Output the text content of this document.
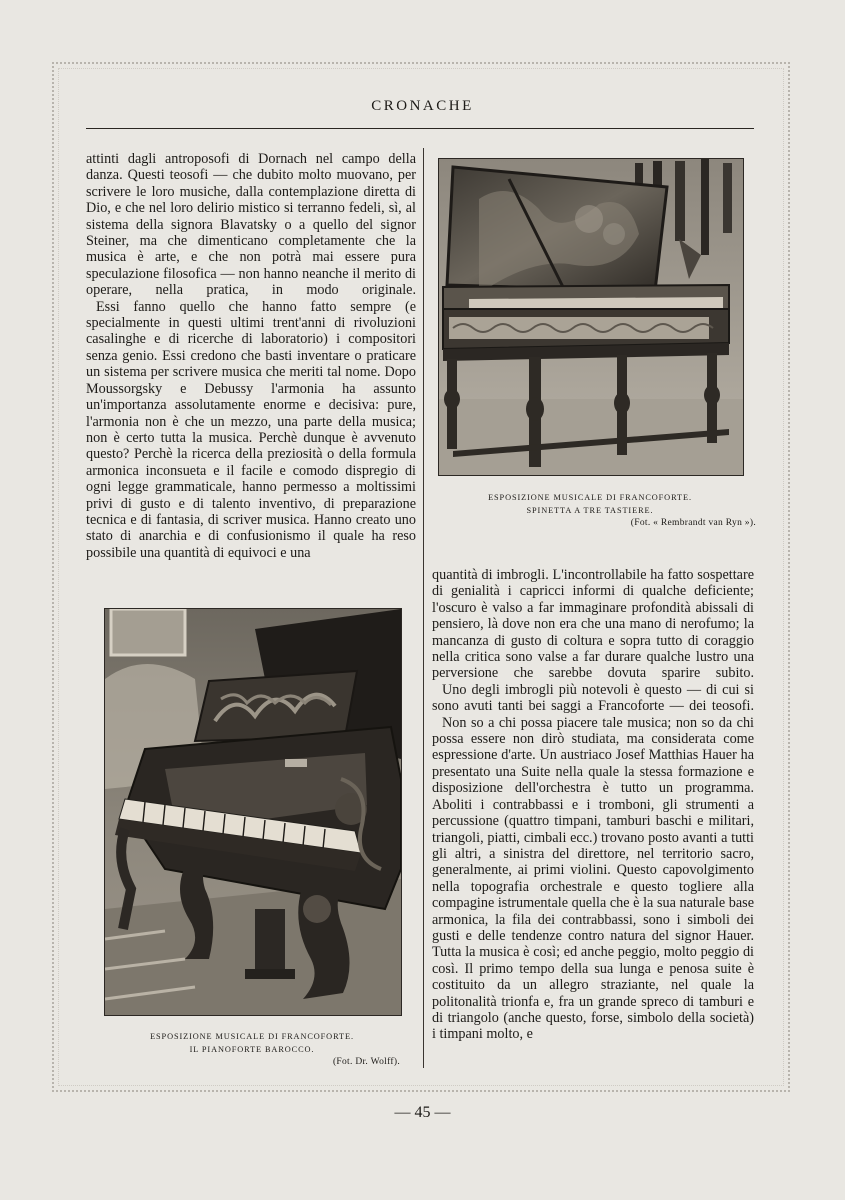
CRONACHE

attinti dagli antroposofi di Dornach nel campo della danza. Questi teosofi — che dubito molto muovano, per scrivere le loro musiche, dalla contemplazione diretta di Dio, e che nel loro delirio mistico si terranno fedeli, sì, al sistema della signora Blavatsky o a quello del signor Steiner, ma che dimenticano completamente che la musica è arte, e che non potrà mai essere pura speculazione filosofica — non hanno neanche il merito di operare, nella pratica, in modo originale.

Essi fanno quello che hanno fatto sempre (e specialmente in questi ultimi trent'anni di rivoluzioni casalinghe e di ricerche di laboratorio) i compositori senza genio. Essi credono che basti inventare o praticare un sistema per scrivere musica che meriti tal nome. Dopo Moussorgsky e Debussy l'armonia ha assunto un'importanza assolutamente enorme e decisiva: pure, l'armonia non è che un mezzo, una parte della musica; non è certo tutta la musica. Perchè dunque è avvenuto questo? Perchè la ricerca della preziosità o della formula armonica inconsueta e il facile e comodo dispregio di ogni legge grammaticale, hanno permesso a moltissimi privi di gusto e di talento inventivo, di preparazione tecnica e di fantasia, di scriver musica. Hanno creato uno stato di anarchia e di confusionismo il quale ha reso possibile una quantità di equivoci e una

ESPOSIZIONE MUSICALE DI FRANCOFORTE.
SPINETTA A TRE TASTIERE.
(Fot. « Rembrandt van Ryn »).
ESPOSIZIONE MUSICALE DI FRANCOFORTE.
IL PIANOFORTE BAROCCO.
(Fot. Dr. Wolff).

quantità di imbrogli. L'incontrollabile ha fatto sospettare di genialità i capricci informi di qualche deficiente; l'oscuro è valso a far immaginare profondità abissali di pensiero, là dove non era che una mano di nerofumo; la mancanza di gusto di coltura e sopra tutto di coraggio nella critica sono valse a far durare qualche lustro una perversione che sarebbe dovuta sparire subito.

Uno degli imbrogli più notevoli è questo — di cui si sono avuti tanti bei saggi a Francoforte — dei teosofi.

Non so a chi possa piacere tale musica; non so da chi possa essere non dirò studiata, ma considerata come espressione d'arte. Un austriaco Josef Matthias Hauer ha presentato una Suite nella quale la stessa formazione e disposizione dell'orchestra è tutto un programma. Aboliti i contrabbassi e i tromboni, gli strumenti a percussione (quattro timpani, tamburi baschi e militari, triangoli, piatti, cimbali ecc.) trovano posto avanti a tutti gli altri, a sinistra del direttore, nel territorio sacro, generalmente, ai primi violini. Questo capovolgimento nella topografia orchestrale e questo togliere alla compagine istrumentale quella che è la sua naturale base armonica, la fila dei contrabbassi, sono i simboli dei gusti e delle tendenze contro natura del signor Hauer. Tutta la musica è così; ed anche peggio, molto peggio di così. Il primo tempo della sua lunga e penosa suite è costituito da un allegro straziante, nel quale la politonalità trionfa e, fra un grande spreco di tamburi e di triangolo (anche questo, forse, simbolo della società) i timpani molto, e

— 45 —
